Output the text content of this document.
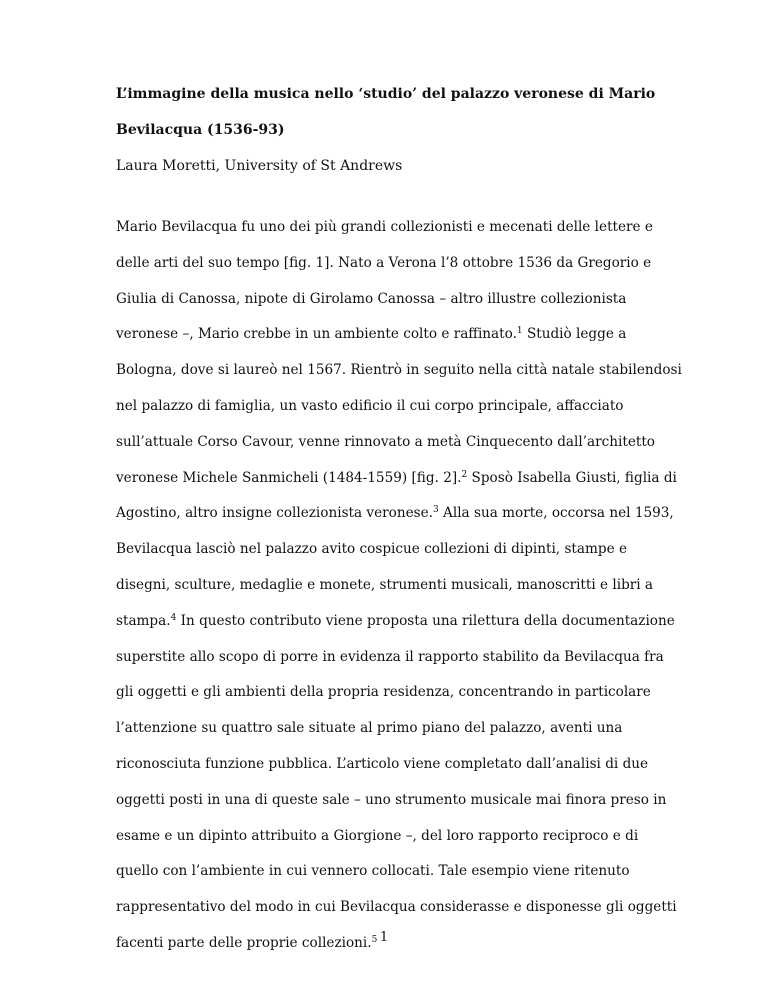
L’immagine della musica nello ‘studio’ del palazzo veronese di Mario
Bevilacqua (1536-93)

Laura Moretti, University of St Andrews

Mario Bevilacqua fu uno dei più grandi collezionisti e mecenati delle lettere e
delle arti del suo tempo [fig. 1]. Nato a Verona l’8 ottobre 1536 da Gregorio e
Giulia di Canossa, nipote di Girolamo Canossa – altro illustre collezionista
veronese –, Mario crebbe in un ambiente colto e raffinato.$^1$ Studiò legge a
Bologna, dove si laureò nel 1567. Rientrò in seguito nella città natale stabilendosi
nel palazzo di famiglia, un vasto edificio il cui corpo principale, affacciato
sull’attuale Corso Cavour, venne rinnovato a metà Cinquecento dall’architetto
veronese Michele Sanmicheli (1484-1559) [fig. 2].$^2$ Sposò Isabella Giusti, figlia di
Agostino, altro insigne collezionista veronese.$^3$ Alla sua morte, occorsa nel 1593,
Bevilacqua lasciò nel palazzo avito cospicue collezioni di dipinti, stampe e
disegni, sculture, medaglie e monete, strumenti musicali, manoscritti e libri a
stampa.$^4$ In questo contributo viene proposta una rilettura della documentazione
superstite allo scopo di porre in evidenza il rapporto stabilito da Bevilacqua fra
gli oggetti e gli ambienti della propria residenza, concentrando in particolare
l’attenzione su quattro sale situate al primo piano del palazzo, aventi una
riconosciuta funzione pubblica. L’articolo viene completato dall’analisi di due
oggetti posti in una di queste sale – uno strumento musicale mai finora preso in
esame e un dipinto attribuito a Giorgione –, del loro rapporto reciproco e di
quello con l’ambiente in cui vennero collocati. Tale esempio viene ritenuto
rappresentativo del modo in cui Bevilacqua considerasse e disponesse gli oggetti
facenti parte delle proprie collezioni.$^5$ 1
